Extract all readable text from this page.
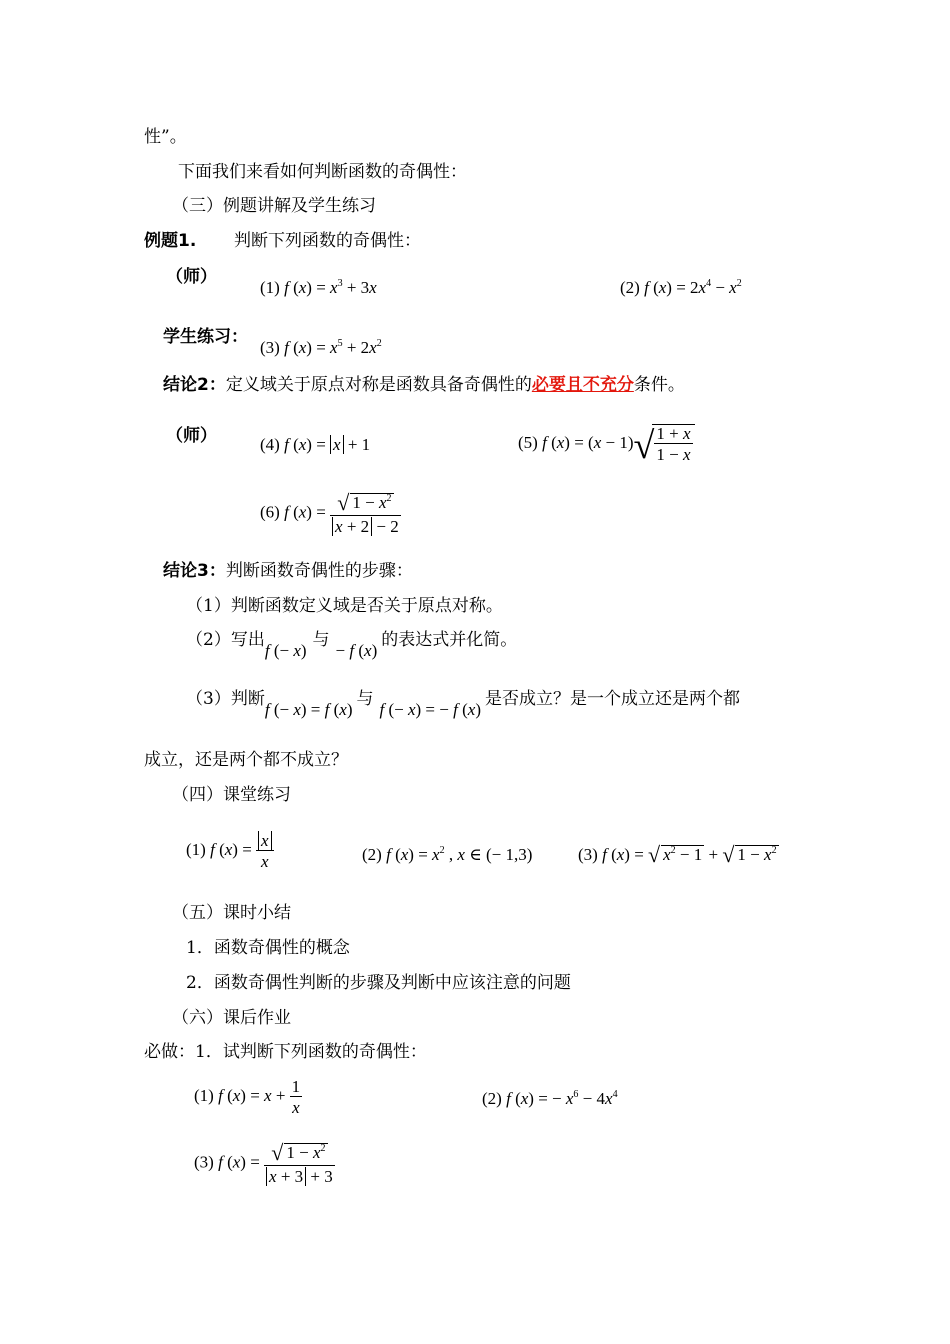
性”。
下面我们来看如何判断函数的奇偶性：
（三）例题讲解及学生练习
例题1. 判断下列函数的奇偶性：
（师）
(1) f $(x) = x^3 + 3x$	(2) f $(x) = 2x^4 - x^2$
学生练习：
(3) f $(x) = x^5 + 2x^2$
结论2：定义域关于原点对称是函数具备奇偶性的必要且不充分条件。
（师）	(4) f (x) = x + 1	(5) f $(x) = (x - 1)√ \frac{1 + x}{1 - x}$
(6) f $(x) = \frac{√ 1 - x^2}{x + 2 - 2}$
结论3：判断函数奇偶性的步骤：
（1）判断函数定义域是否关于原点对称。
（2）写出f (− x)与− f (x)的表达式并化简。
（3）判断f (− x) = f (x)与f (− x) = − f (x)是否成立？是一个成立还是两个都
成立，还是两个都不成立？
（四）课堂练习
(1) f $(x) = \frac{x}{x}$	(2) f $(x) = x^2$ , x ∈ (− 1,3)	(3) f (x) = √ $x^2 - 1$ + √ $1 - x^2$
（五）课时小结
1．函数奇偶性的概念
2．函数奇偶性判断的步骤及判断中应该注意的问题
（六）课后作业
必做：1．试判断下列函数的奇偶性：
(1) f $(x) = x + \frac{1}{x}$	(2) f (x) = − $x^6 - 4x^4$
(3) f $(x) = \frac{√ 1 - x^2}{x + 3 + 3}$
